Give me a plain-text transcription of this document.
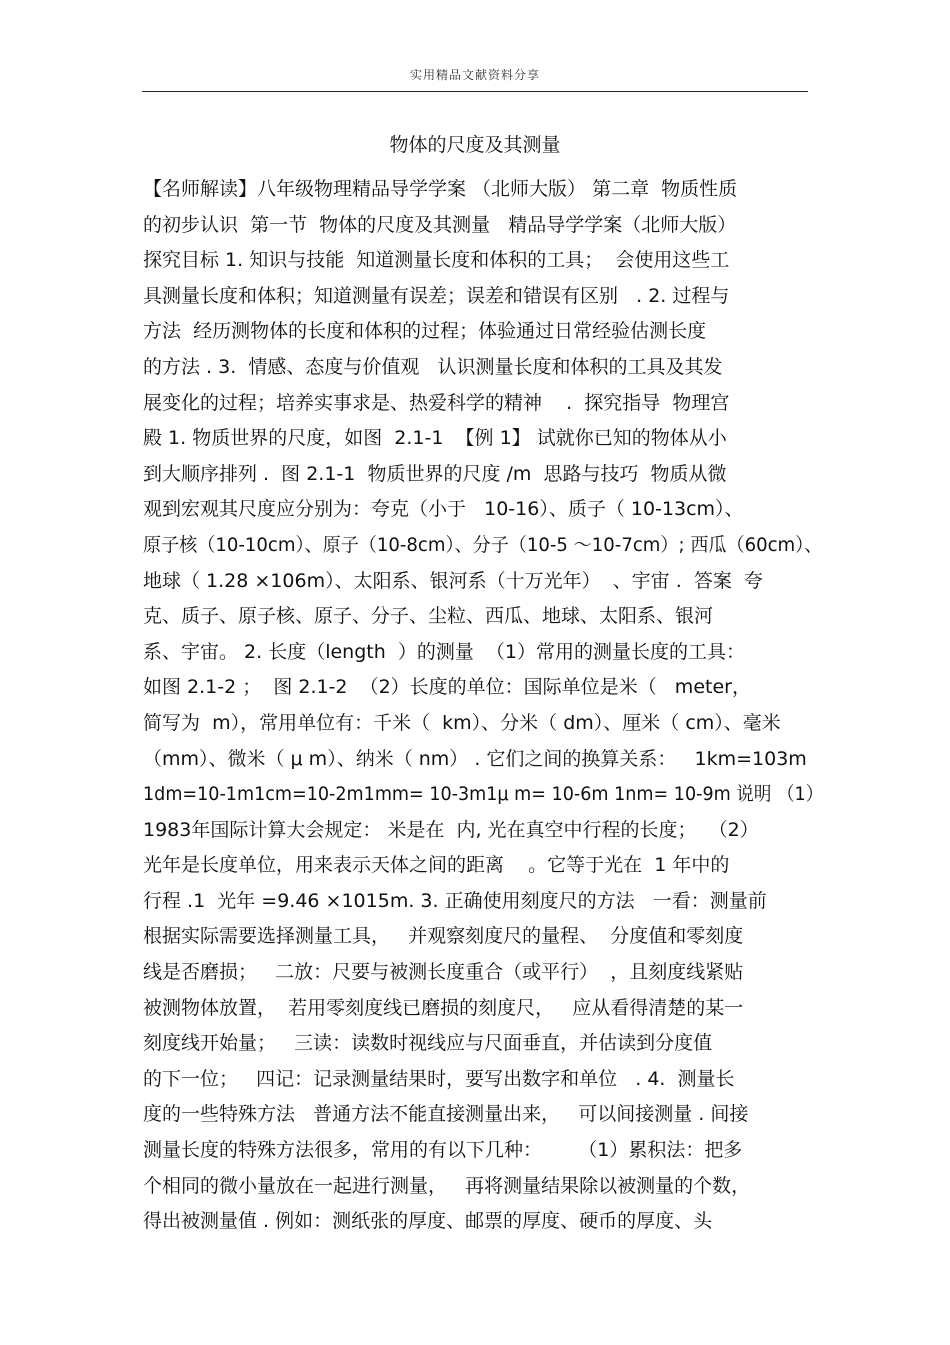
实用精品文献资料分享
物体的尺度及其测量
【名师解读】八年级物理精品导学学案 （北师大版） 第二章  物质性质
的初步认识  第一节  物体的尺度及其测量   精品导学学案（北师大版）
探究目标 1. 知识与技能  知道测量长度和体积的工具；  会使用这些工
具测量长度和体积；知道测量有误差；误差和错误有区别   . 2. 过程与
方法  经历测物体的长度和体积的过程；体验通过日常经验估测长度
的方法 . 3.  情感、态度与价值观   认识测量长度和体积的工具及其发
展变化的过程；培养实事求是、热爱科学的精神    .  探究指导  物理宫
殿 1. 物质世界的尺度，如图  2.1-1  【例 1】 试就你已知的物体从小
到大顺序排列 .  图 2.1-1  物质世界的尺度 /m  思路与技巧  物质从微
观到宏观其尺度应分别为：夸克（小于   10-16）、质子（ 10-13cm）、
原子核（10-10cm）、原子（10-8cm）、分子（10-5 ～10-7cm）; 西瓜（60cm）、
地球（ 1.28 ×106m）、太阳系、银河系（十万光年）  、宇宙 .  答案  夸
克、质子、原子核、原子、分子、尘粒、西瓜、地球、太阳系、银河
系、宇宙。 2. 长度（length  ）的测量  （1）常用的测量长度的工具：
如图 2.1-2 ；  图 2.1-2  （2）长度的单位：国际单位是米（   meter，
简写为  m），常用单位有：千米（  km）、分米（ dm）、厘米（ cm）、毫米
（mm）、微米（ μ m）、纳米（ nm） . 它们之间的换算关系：   1km=103m
1dm=10-1m1cm=10-2m1mm= 10-3m1μ m= 10-6m 1nm= 10-9m 说明 （1）
1983年国际计算大会规定： 米是在  内, 光在真空中行程的长度；  （2）
光年是长度单位，用来表示天体之间的距离    。它等于光在  1 年中的
行程 .1  光年 =9.46 ×1015m. 3. 正确使用刻度尺的方法   一看：测量前
根据实际需要选择测量工具，   并观察刻度尺的量程、  分度值和零刻度
线是否磨损；   二放：尺要与被测长度重合（或平行）  ，且刻度线紧贴
被测物体放置，  若用零刻度线已磨损的刻度尺，   应从看得清楚的某一
刻度线开始量；   三读：读数时视线应与尺面垂直，并估读到分度值
的下一位；   四记：记录测量结果时，要写出数字和单位   . 4.  测量长
度的一些特殊方法   普通方法不能直接测量出来，   可以间接测量 . 间接
测量长度的特殊方法很多，常用的有以下几种：      （1）累积法：把多
个相同的微小量放在一起进行测量，   再将测量结果除以被测量的个数，
得出被测量值 . 例如：测纸张的厚度、邮票的厚度、硬币的厚度、头
